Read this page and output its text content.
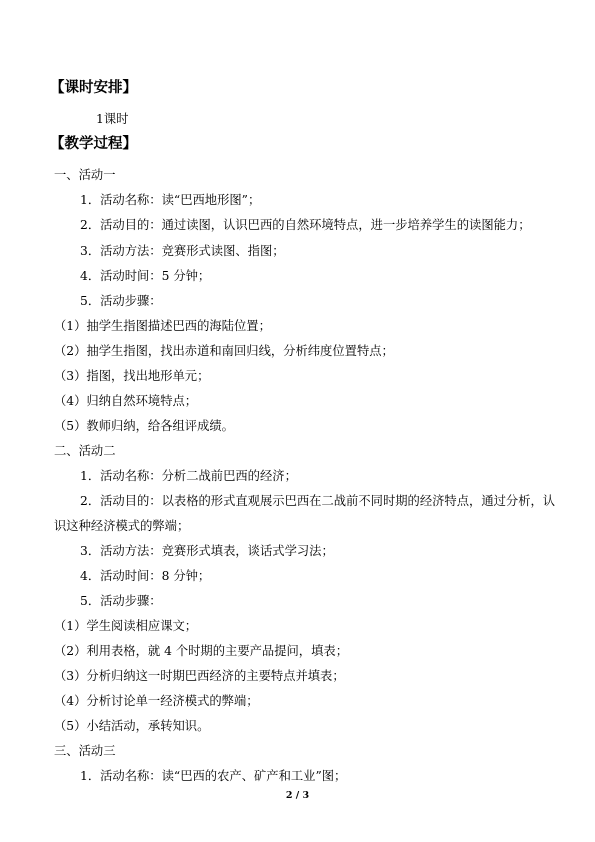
【课时安排】
1课时
【教学过程】
一、活动一
1．活动名称：读“巴西地形图”；
2．活动目的：通过读图，认识巴西的自然环境特点，进一步培养学生的读图能力；
3．活动方法：竞赛形式读图、指图；
4．活动时间：5 分钟；
5．活动步骤：
（1）抽学生指图描述巴西的海陆位置；
（2）抽学生指图，找出赤道和南回归线，分析纬度位置特点；
（3）指图，找出地形单元；
（4）归纳自然环境特点；
（5）教师归纳，给各组评成绩。
二、活动二
1．活动名称：分析二战前巴西的经济；
2．活动目的：以表格的形式直观展示巴西在二战前不同时期的经济特点，通过分析，认
识这种经济模式的弊端；
3．活动方法：竞赛形式填表，谈话式学习法；
4．活动时间：8 分钟；
5．活动步骤：
（1）学生阅读相应课文；
（2）利用表格，就 4 个时期的主要产品提问，填表；
（3）分析归纳这一时期巴西经济的主要特点并填表；
（4）分析讨论单一经济模式的弊端；
（5）小结活动，承转知识。
三、活动三
1．活动名称：读“巴西的农产、矿产和工业”图；
2 / 3
